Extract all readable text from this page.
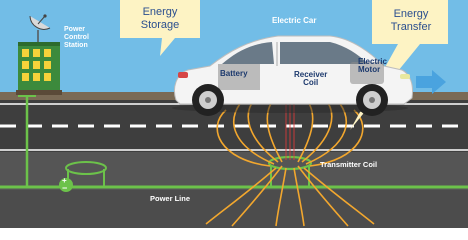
Power
Control
Station
Energy
Storage	Electric Car
Energy
Transfer
Battery	Receiver
Coil
Electric
Motor
Transmitter Coil
Power Line
+
−
